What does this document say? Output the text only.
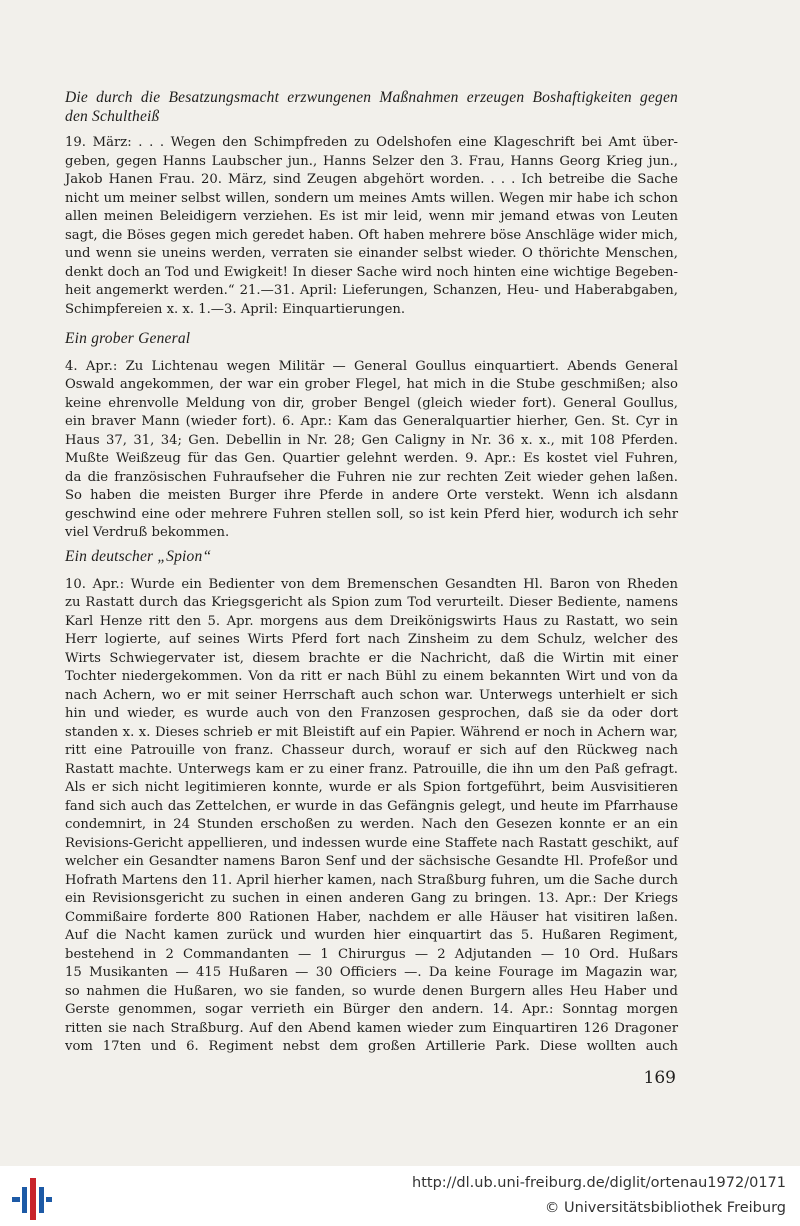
Die durch die Besatzungsmacht erzwungenen Maßnahmen erzeugen Boshaftigkeiten gegen
den Schultheiß

19. März: . . . Wegen den Schimpfreden zu Odelshofen eine Klageschrift bei Amt über-
geben, gegen Hanns Laubscher jun., Hanns Selzer den 3. Frau, Hanns Georg Krieg jun.,
Jakob Hanen Frau. 20. März, sind Zeugen abgehört worden. . . . Ich betreibe die Sache
nicht um meiner selbst willen, sondern um meines Amts willen. Wegen mir habe ich schon
allen meinen Beleidigern verziehen. Es ist mir leid, wenn mir jemand etwas von Leuten
sagt, die Böses gegen mich geredet haben. Oft haben mehrere böse Anschläge wider mich,
und wenn sie uneins werden, verraten sie einander selbst wieder. O thörichte Menschen,
denkt doch an Tod und Ewigkeit! In dieser Sache wird noch hinten eine wichtige Begeben-
heit angemerkt werden.“ 21.—31. April: Lieferungen, Schanzen, Heu- und Haberabgaben,
Schimpfereien x. x. 1.—3. April: Einquartierungen.

Ein grober General

4. Apr.: Zu Lichtenau wegen Militär — General Goullus einquartiert. Abends General
Oswald angekommen, der war ein grober Flegel, hat mich in die Stube geschmißen; also
keine ehrenvolle Meldung von dir, grober Bengel (gleich wieder fort). General Goullus,
ein braver Mann (wieder fort). 6. Apr.: Kam das Generalquartier hierher, Gen. St. Cyr in
Haus 37, 31, 34; Gen. Debellin in Nr. 28; Gen Caligny in Nr. 36 x. x., mit 108 Pferden.
Mußte Weißzeug für das Gen. Quartier gelehnt werden. 9. Apr.: Es kostet viel Fuhren,
da die französischen Fuhraufseher die Fuhren nie zur rechten Zeit wieder gehen laßen.
So haben die meisten Burger ihre Pferde in andere Orte verstekt. Wenn ich alsdann
geschwind eine oder mehrere Fuhren stellen soll, so ist kein Pferd hier, wodurch ich sehr
viel Verdruß bekommen.

Ein deutscher „Spion“

10. Apr.: Wurde ein Bedienter von dem Bremenschen Gesandten Hl. Baron von Rheden
zu Rastatt durch das Kriegsgericht als Spion zum Tod verurteilt. Dieser Bediente, namens
Karl Henze ritt den 5. Apr. morgens aus dem Dreikönigswirts Haus zu Rastatt, wo sein
Herr logierte, auf seines Wirts Pferd fort nach Zinsheim zu dem Schulz, welcher des
Wirts Schwiegervater ist, diesem brachte er die Nachricht, daß die Wirtin mit einer
Tochter niedergekommen. Von da ritt er nach Bühl zu einem bekannten Wirt und von da
nach Achern, wo er mit seiner Herrschaft auch schon war. Unterwegs unterhielt er sich
hin und wieder, es wurde auch von den Franzosen gesprochen, daß sie da oder dort
standen x. x. Dieses schrieb er mit Bleistift auf ein Papier. Während er noch in Achern war,
ritt eine Patrouille von franz. Chasseur durch, worauf er sich auf den Rückweg nach
Rastatt machte. Unterwegs kam er zu einer franz. Patrouille, die ihn um den Paß gefragt.
Als er sich nicht legitimieren konnte, wurde er als Spion fortgeführt, beim Ausvisitieren
fand sich auch das Zettelchen, er wurde in das Gefängnis gelegt, und heute im Pfarrhause
condemnirt, in 24 Stunden erschoßen zu werden. Nach den Gesezen konnte er an ein
Revisions-Gericht appellieren, und indessen wurde eine Staffete nach Rastatt geschikt, auf
welcher ein Gesandter namens Baron Senf und der sächsische Gesandte Hl. Profeßor und
Hofrath Martens den 11. April hierher kamen, nach Straßburg fuhren, um die Sache durch
ein Revisionsgericht zu suchen in einen anderen Gang zu bringen. 13. Apr.: Der Kriegs
Commißaire forderte 800 Rationen Haber, nachdem er alle Häuser hat visitiren laßen.
Auf die Nacht kamen zurück und wurden hier einquartirt das 5. Hußaren Regiment,
bestehend in 2 Commandanten — 1 Chirurgus — 2 Adjutanden — 10 Ord. Hußars
15 Musikanten — 415 Hußaren — 30 Officiers —. Da keine Fourage im Magazin war,
so nahmen die Hußaren, wo sie fanden, so wurde denen Burgern alles Heu Haber und
Gerste genommen, sogar verrieth ein Bürger den andern. 14. Apr.: Sonntag morgen
ritten sie nach Straßburg. Auf den Abend kamen wieder zum Einquartiren 126 Dragoner
vom 17ten und 6. Regiment nebst dem großen Artillerie Park. Diese wollten auch
169
http://dl.ub.uni-freiburg.de/diglit/ortenau1972/0171
© Universitätsbibliothek Freiburg
